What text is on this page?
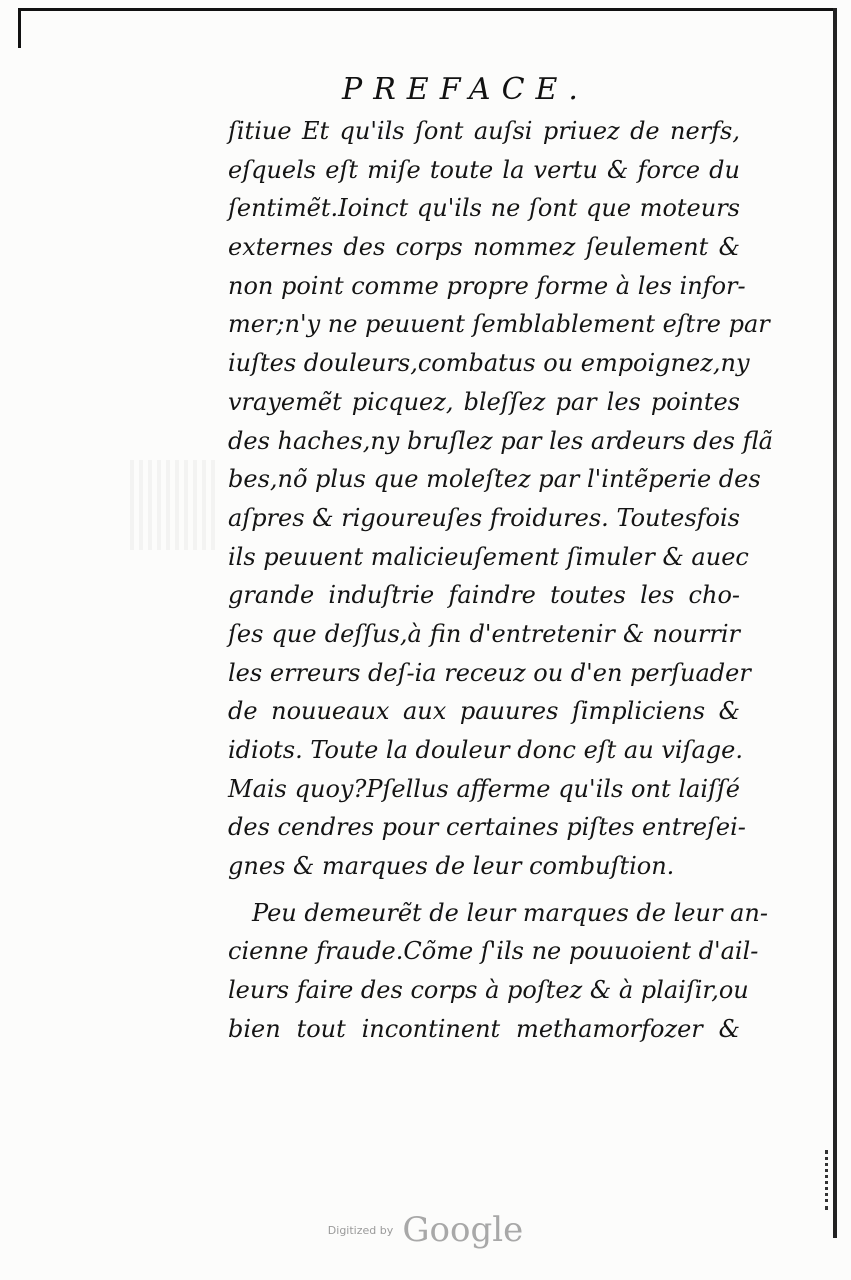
PREFACE.
ſitiue Et qu'ils ſont auſsi priuez de nerfs,
eſquels eſt miſe toute la vertu & force du
ſentimẽt.Ioinct qu'ils ne ſont que moteurs
externes des corps nommez ſeulement &
non point comme propre forme à les infor-
mer;n'y ne peuuent ſemblablement eſtre par
iuſtes douleurs,combatus ou empoignez,ny
vrayemẽt picquez, bleſſez par les pointes
des haches,ny bruſlez par les ardeurs des flã
bes,nõ plus que moleſtez par l'intẽperie des
aſpres & rigoureuſes froidures. Toutesfois
ils peuuent malicieuſement ſimuler & auec
grande induſtrie faindre toutes les cho-
ſes que deſſus,à fin d'entretenir & nourrir
les erreurs deſ-ia receuz ou d'en perſuader
de nouueaux aux pauures ſimpliciens &
idiots. Toute la douleur donc eſt au viſage.
Mais quoy?Pſellus afferme qu'ils ont laiſſé
des cendres pour certaines piſtes entreſei-
gnes & marques de leur combuſtion.
Peu demeurẽt de leur marques de leur an-
cienne fraude.Cõme ſ'ils ne pouuoient d'ail-
leurs faire des corps à poſtez & à plaiſir,ou
bien tout incontinent methamorfozer &
Digitized by Google
